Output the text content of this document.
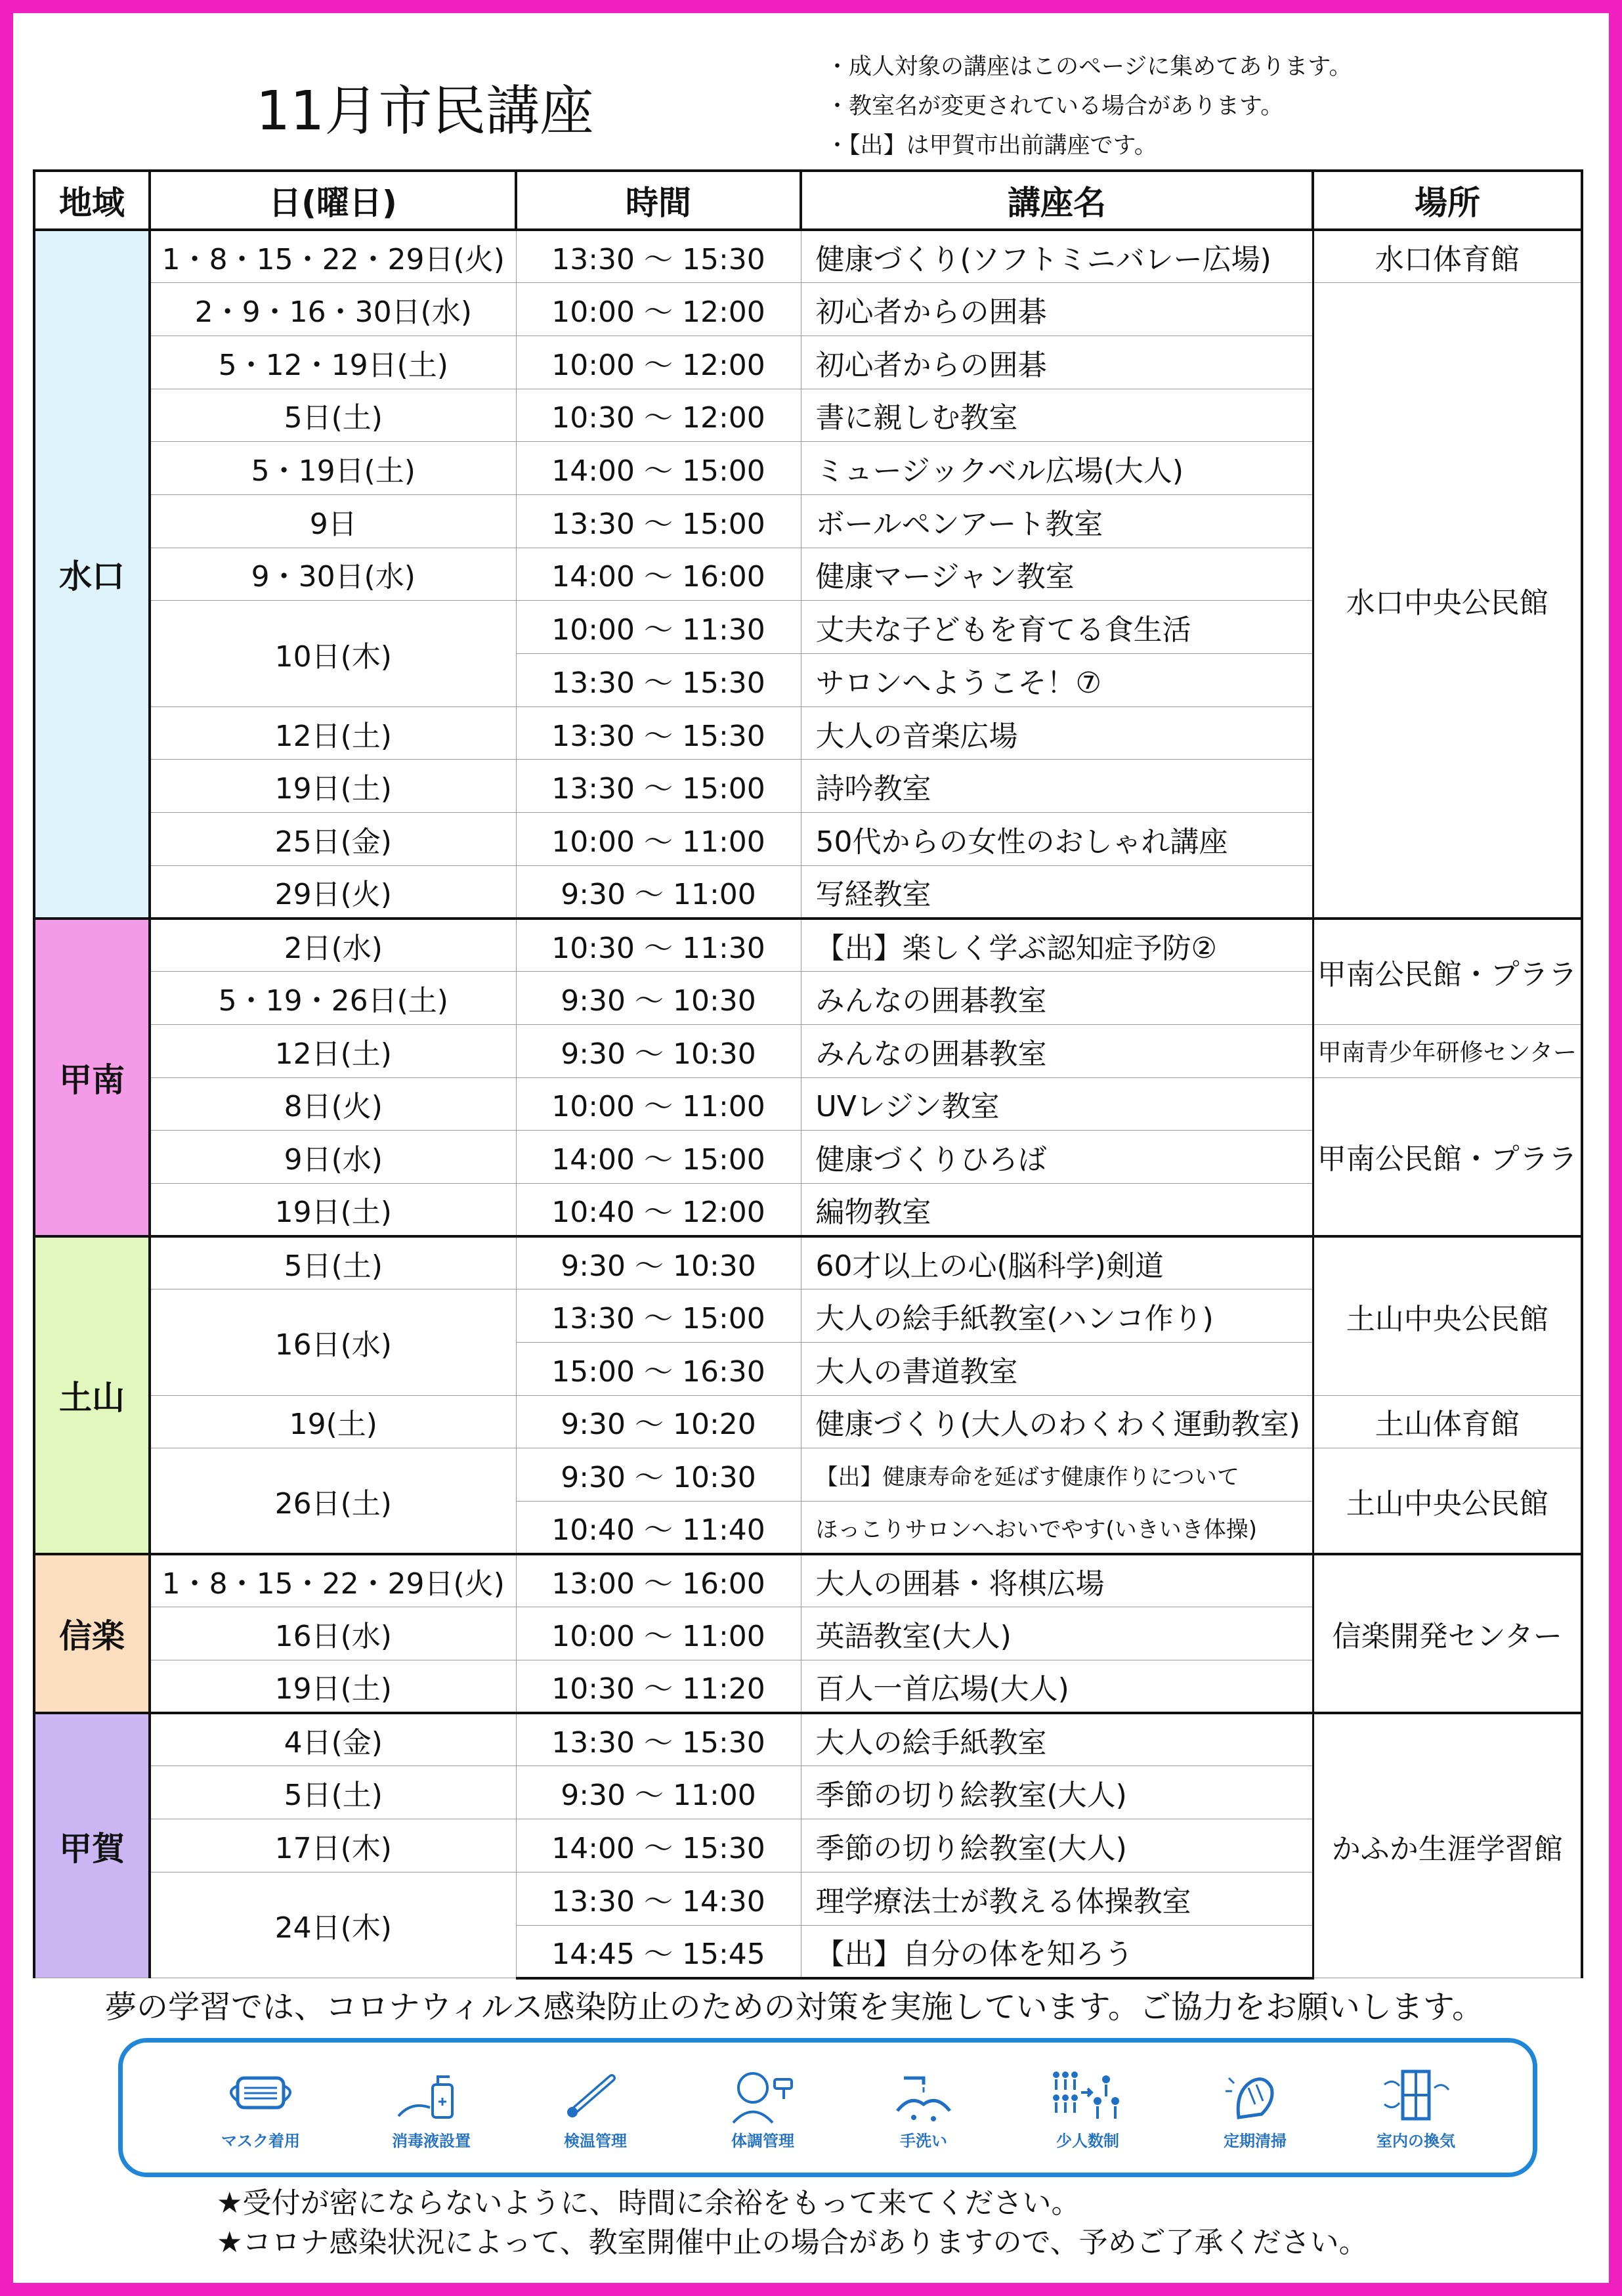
11月市民講座
・成人対象の講座はこのページに集めてあります。
・教室名が変更されている場合があります。
・【出】は甲賀市出前講座です。
地域	日(曜日)	時間	講座名	場所
水口	1・8・15・22・29日(火)	13:30 〜 15:30	健康づくり(ソフトミニバレー広場)	水口体育館
	2・9・16・30日(水)	10:00 〜 12:00	初心者からの囲碁	水口中央公民館
	5・12・19日(土)	10:00 〜 12:00	初心者からの囲碁	
	5日(土)	10:30 〜 12:00	書に親しむ教室	
	5・19日(土)	14:00 〜 15:00	ミュージックベル広場(大人)	
	9日	13:30 〜 15:00	ボールペンアート教室	
	9・30日(水)	14:00 〜 16:00	健康マージャン教室	
	10日(木)	10:00 〜 11:30	丈夫な子どもを育てる食生活	
		13:30 〜 15:30	サロンへようこそ！⑦	
	12日(土)	13:30 〜 15:30	大人の音楽広場	
	19日(土)	13:30 〜 15:00	詩吟教室	
	25日(金)	10:00 〜 11:00	50代からの女性のおしゃれ講座	
	29日(火)	9:30 〜 11:00	写経教室	
甲南	2日(水)	10:30 〜 11:30	【出】楽しく学ぶ認知症予防②	甲南公民館・プララ
	5・19・26日(土)	9:30 〜 10:30	みんなの囲碁教室	
	12日(土)	9:30 〜 10:30	みんなの囲碁教室	甲南青少年研修センター
	8日(火)	10:00 〜 11:00	UVレジン教室	甲南公民館・プララ
	9日(水)	14:00 〜 15:00	健康づくりひろば	
	19日(土)	10:40 〜 12:00	編物教室	
土山	5日(土)	9:30 〜 10:30	60才以上の心(脳科学)剣道	土山中央公民館
	16日(水)	13:30 〜 15:00	大人の絵手紙教室(ハンコ作り)	
		15:00 〜 16:30	大人の書道教室	
	19(土)	9:30 〜 10:20	健康づくり(大人のわくわく運動教室)	土山体育館
	26日(土)	9:30 〜 10:30	【出】健康寿命を延ばす健康作りについて	土山中央公民館
		10:40 〜 11:40	ほっこりサロンへおいでやす(いきいき体操)	
信楽	1・8・15・22・29日(火)	13:00 〜 16:00	大人の囲碁・将棋広場	信楽開発センター
	16日(水)	10:00 〜 11:00	英語教室(大人)	
	19日(土)	10:30 〜 11:20	百人一首広場(大人)	
甲賀	4日(金)	13:30 〜 15:30	大人の絵手紙教室	かふか生涯学習館
	5日(土)	9:30 〜 11:00	季節の切り絵教室(大人)	
	17日(木)	14:00 〜 15:30	季節の切り絵教室(大人)	
	24日(木)	13:30 〜 14:30	理学療法士が教える体操教室	
		14:45 〜 15:45	【出】自分の体を知ろう	
夢の学習では、コロナウィルス感染防止のための対策を実施しています。ご協力をお願いします。
マスク着用	消毒液設置	検温管理	体調管理	手洗い	少人数制	定期清掃	室内の換気
★受付が密にならないように、時間に余裕をもって来てください。
★コロナ感染状況によって、教室開催中止の場合がありますので、予めご了承ください。
